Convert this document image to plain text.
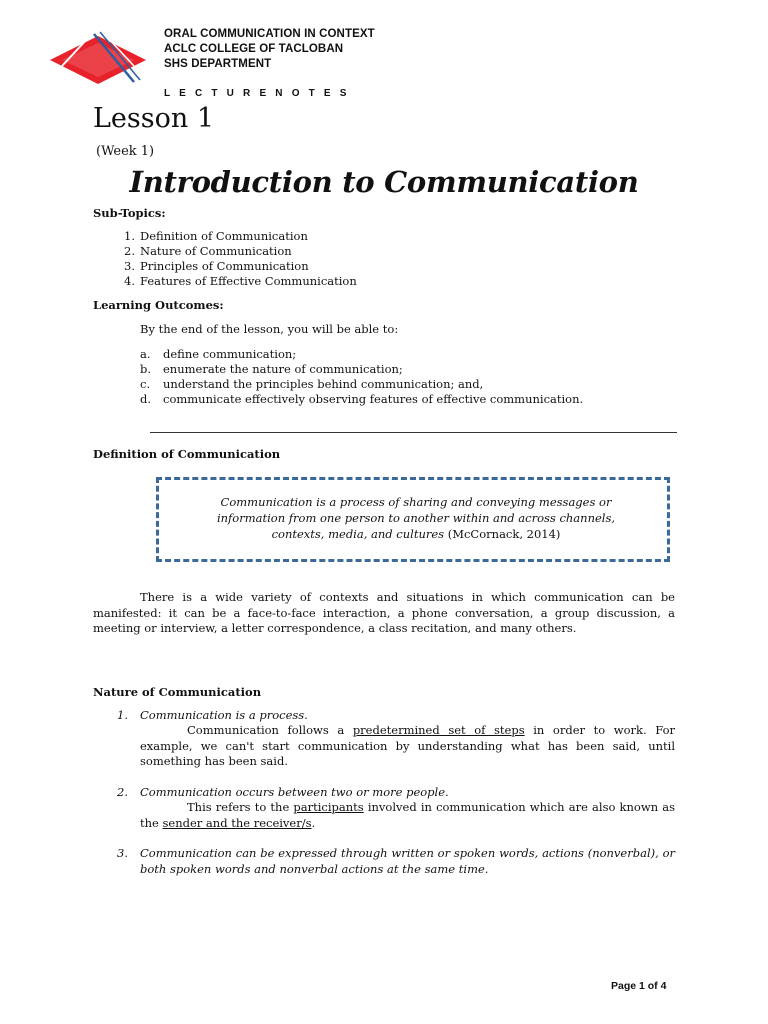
ORAL COMMUNICATION IN CONTEXT
ACLC COLLEGE OF TACLOBAN
SHS DEPARTMENT
L E C T U R E N O T E S
Lesson 1
(Week 1)
Introduction to Communication
Sub-Topics:
1. Definition of Communication
2. Nature of Communication
3. Principles of Communication
4. Features of Effective Communication
Learning Outcomes:
By the end of the lesson, you will be able to:
a. define communication;
b. enumerate the nature of communication;
c. understand the principles behind communication; and,
d. communicate effectively observing features of effective communication.
Definition of Communication
Communication is a process of sharing and conveying messages or
information from one person to another within and across channels,
contexts, media, and cultures (McCornack, 2014)
There is a wide variety of contexts and situations in which communication can be manifested: it can be a face-to-face interaction, a phone conversation, a group discussion, a meeting or interview, a letter correspondence, a class recitation, and many others.
Nature of Communication
1. Communication is a process.
Communication follows a predetermined set of steps in order to work. For example, we can't start communication by understanding what has been said, until something has been said.
2. Communication occurs between two or more people.
This refers to the participants involved in communication which are also known as the sender and the receiver/s.
3. Communication can be expressed through written or spoken words, actions (nonverbal), or both spoken words and nonverbal actions at the same time.
Page 1 of 4
